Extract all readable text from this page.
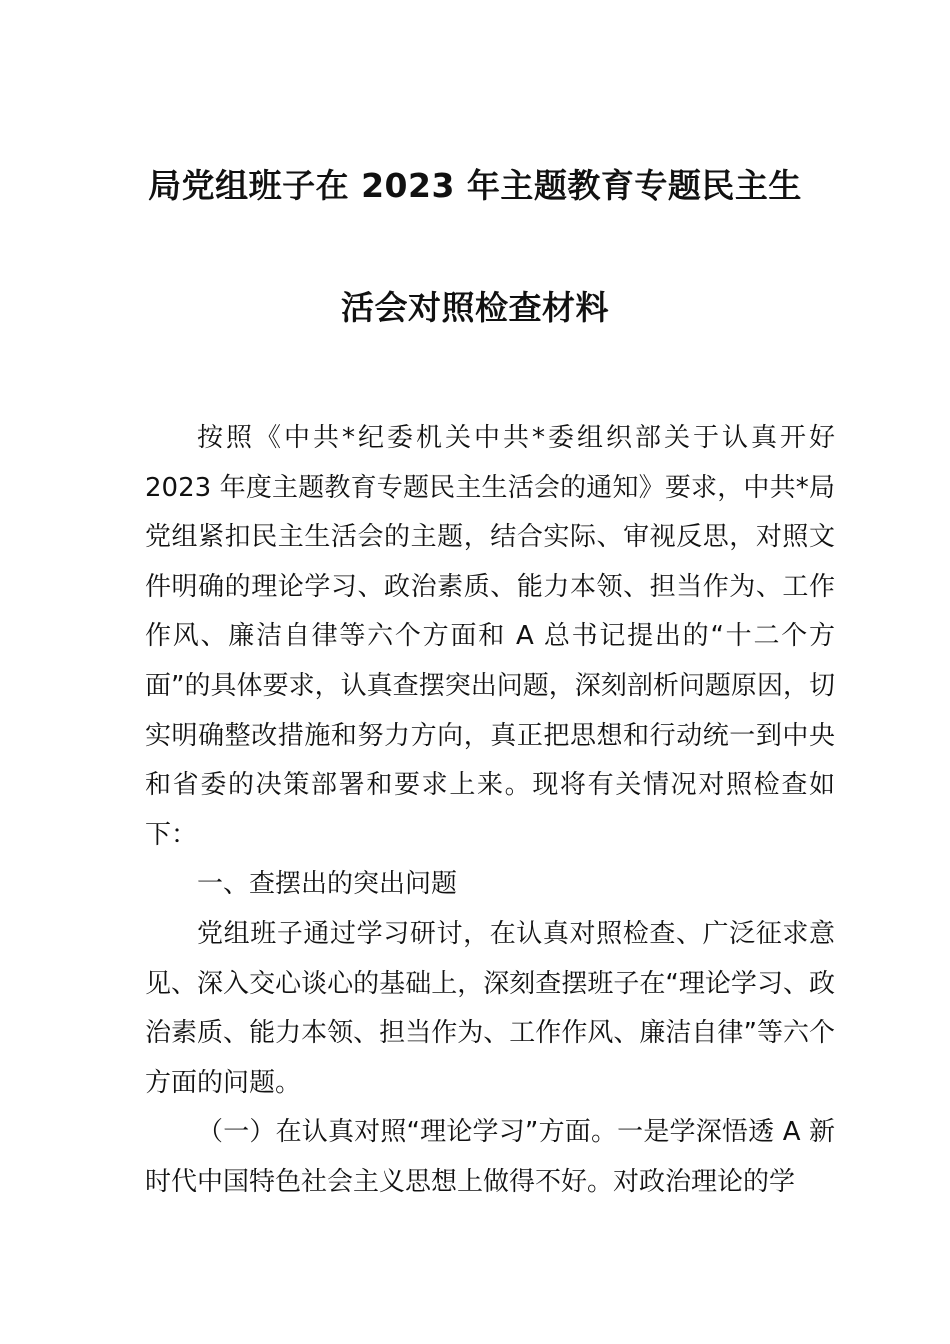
局党组班子在 2023 年主题教育专题民主生
活会对照检查材料

按照《中共*纪委机关中共*委组织部关于认真开好 2023 年度主题教育专题民主生活会的通知》要求，中共*局党组紧扣民主生活会的主题，结合实际、审视反思，对照文件明确的理论学习、政治素质、能力本领、担当作为、工作作风、廉洁自律等六个方面和 A 总书记提出的“十二个方面”的具体要求，认真查摆突出问题，深刻剖析问题原因，切实明确整改措施和努力方向，真正把思想和行动统一到中央和省委的决策部署和要求上来。现将有关情况对照检查如下：

一、查摆出的突出问题

党组班子通过学习研讨，在认真对照检查、广泛征求意见、深入交心谈心的基础上，深刻查摆班子在“理论学习、政治素质、能力本领、担当作为、工作作风、廉洁自律”等六个方面的问题。

（一）在认真对照“理论学习”方面。一是学深悟透 A 新时代中国特色社会主义思想上做得不好。对政治理论的学
